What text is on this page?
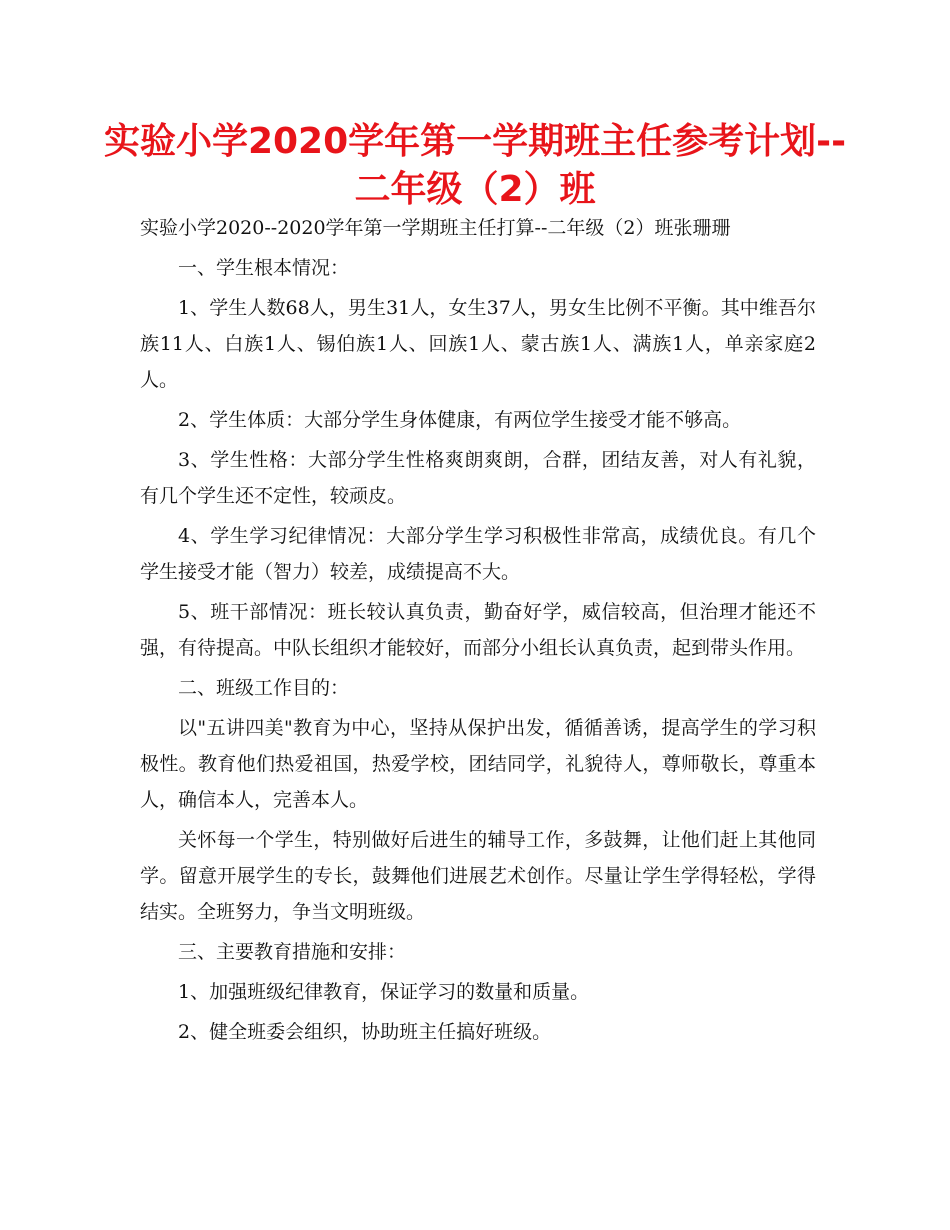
实验小学2020学年第一学期班主任参考计划--二年级（2）班

实验小学2020--2020学年第一学期班主任打算--二年级（2）班张珊珊

一、学生根本情况：

1、学生人数68人，男生31人，女生37人，男女生比例不平衡。其中维吾尔族11人、白族1人、锡伯族1人、回族1人、蒙古族1人、满族1人，单亲家庭2人。

2、学生体质：大部分学生身体健康，有两位学生接受才能不够高。

3、学生性格：大部分学生性格爽朗爽朗，合群，团结友善，对人有礼貌，有几个学生还不定性，较顽皮。

4、学生学习纪律情况：大部分学生学习积极性非常高，成绩优良。有几个学生接受才能（智力）较差，成绩提高不大。

5、班干部情况：班长较认真负责，勤奋好学，威信较高，但治理才能还不强，有待提高。中队长组织才能较好，而部分小组长认真负责，起到带头作用。

二、班级工作目的：

以"五讲四美"教育为中心，坚持从保护出发，循循善诱，提高学生的学习积极性。教育他们热爱祖国，热爱学校，团结同学，礼貌待人，尊师敬长，尊重本人，确信本人，完善本人。

关怀每一个学生，特别做好后进生的辅导工作，多鼓舞，让他们赶上其他同学。留意开展学生的专长，鼓舞他们进展艺术创作。尽量让学生学得轻松，学得结实。全班努力，争当文明班级。

三、主要教育措施和安排：

1、加强班级纪律教育，保证学习的数量和质量。

2、健全班委会组织，协助班主任搞好班级。
